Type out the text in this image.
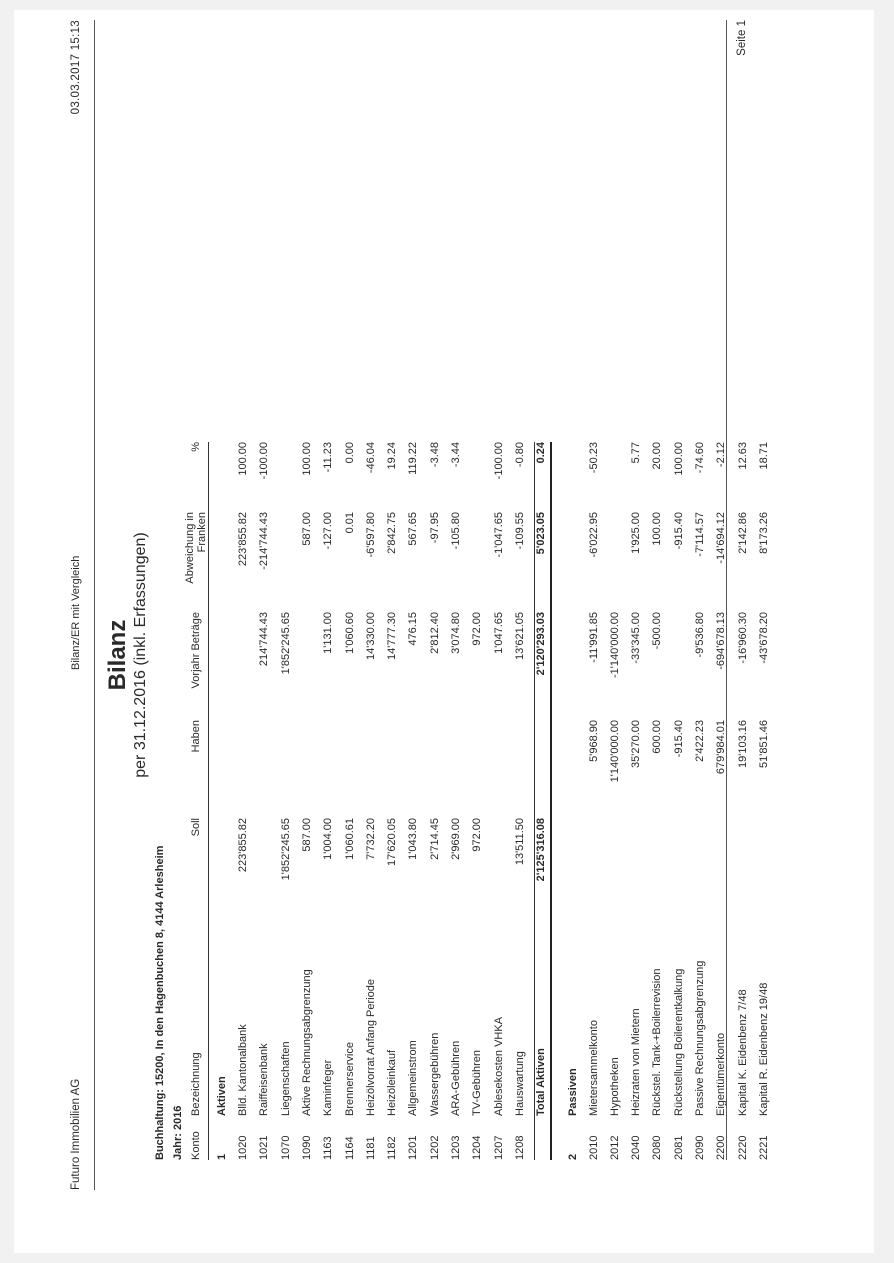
Futuro Immobilien AG
Bilanz/ER mit Vergleich
03.03.2017 15:13
Bilanz per 31.12.2016 (inkl. Erfassungen)
Buchhaltung: 15200, In den Hagenbuchen 8, 4144 Arlesheim Jahr: 2016 Konto
Bezeichnung
Soll
Haben
Vorjahr Beträge
Abweichung in Franken
%
1
Aktiven
1020
Blld. Kantonalbank
223'855.82
223'855.82
100.00
1021
Raiffeisenbank
214'744.43
-214'744.43
-100.00
1070
Liegenschaften
1'852'245.65
1'852'245.65
1090
Aktive Rechnungsabgrenzung
587.00
587.00
100.00
1163
Kaminfeger
1'004.00
1'131.00
-127.00
-11.23
1164
Brennerservice
1'060.61
1'060.60
0.01
0.00
1181
Heizölvorrat Anfang Periode
7'732.20
14'330.00
-6'597.80
-46.04
1182
Heizöleinkauf
17'620.05
14'777.30
2'842.75
19.24
1201
Allgemeinstrom
1'043.80
476.15
567.65
119.22
1202
Wassergebühren
2'714.45
2'812.40
-97.95
-3.48
1203
ARA-Gebühren
2'969.00
3'074.80
-105.80
-3.44
1204
TV-Gebühren
972.00
972.00
1207
Ablesekosten VHKA
1'047.65
-1'047.65
-100.00
1208
Hauswartung
13'511.50
13'621.05
-109.55
-0.80
Total Aktiven
2'125'316.08
2'120'293.03
5'023.05
0.24
2
Passiven
2010
Mietersammelkonto
5'968.90
-11'991.85
-6'022.95
-50.23
2012
Hypotheken
1'140'000.00
-1'140'000.00
2040
Heizraten von Mietern
35'270.00
-33'345.00
1'925.00
5.77
2080
Rückstel. Tank-+Boilerrevision
600.00
-500.00
100.00
20.00
2081
Rückstellung Boilerentkalkung
-915.40
-915.40
100.00
2090
Passive Rechnungsabgrenzung
2'422.23
-9'536.80
-7'114.57
-74.60
2200
Eigentümerkonto
679'984.01
-694'678.13
-14'694.12
-2.12
2220
Kapital K. Eidenbenz 7/48
19'103.16
-16'960.30
2'142.86
12.63
2221
Kapital R. Eidenbenz 19/48
51'851.46
-43'678.20
8'173.26
18.71
Seite 1
